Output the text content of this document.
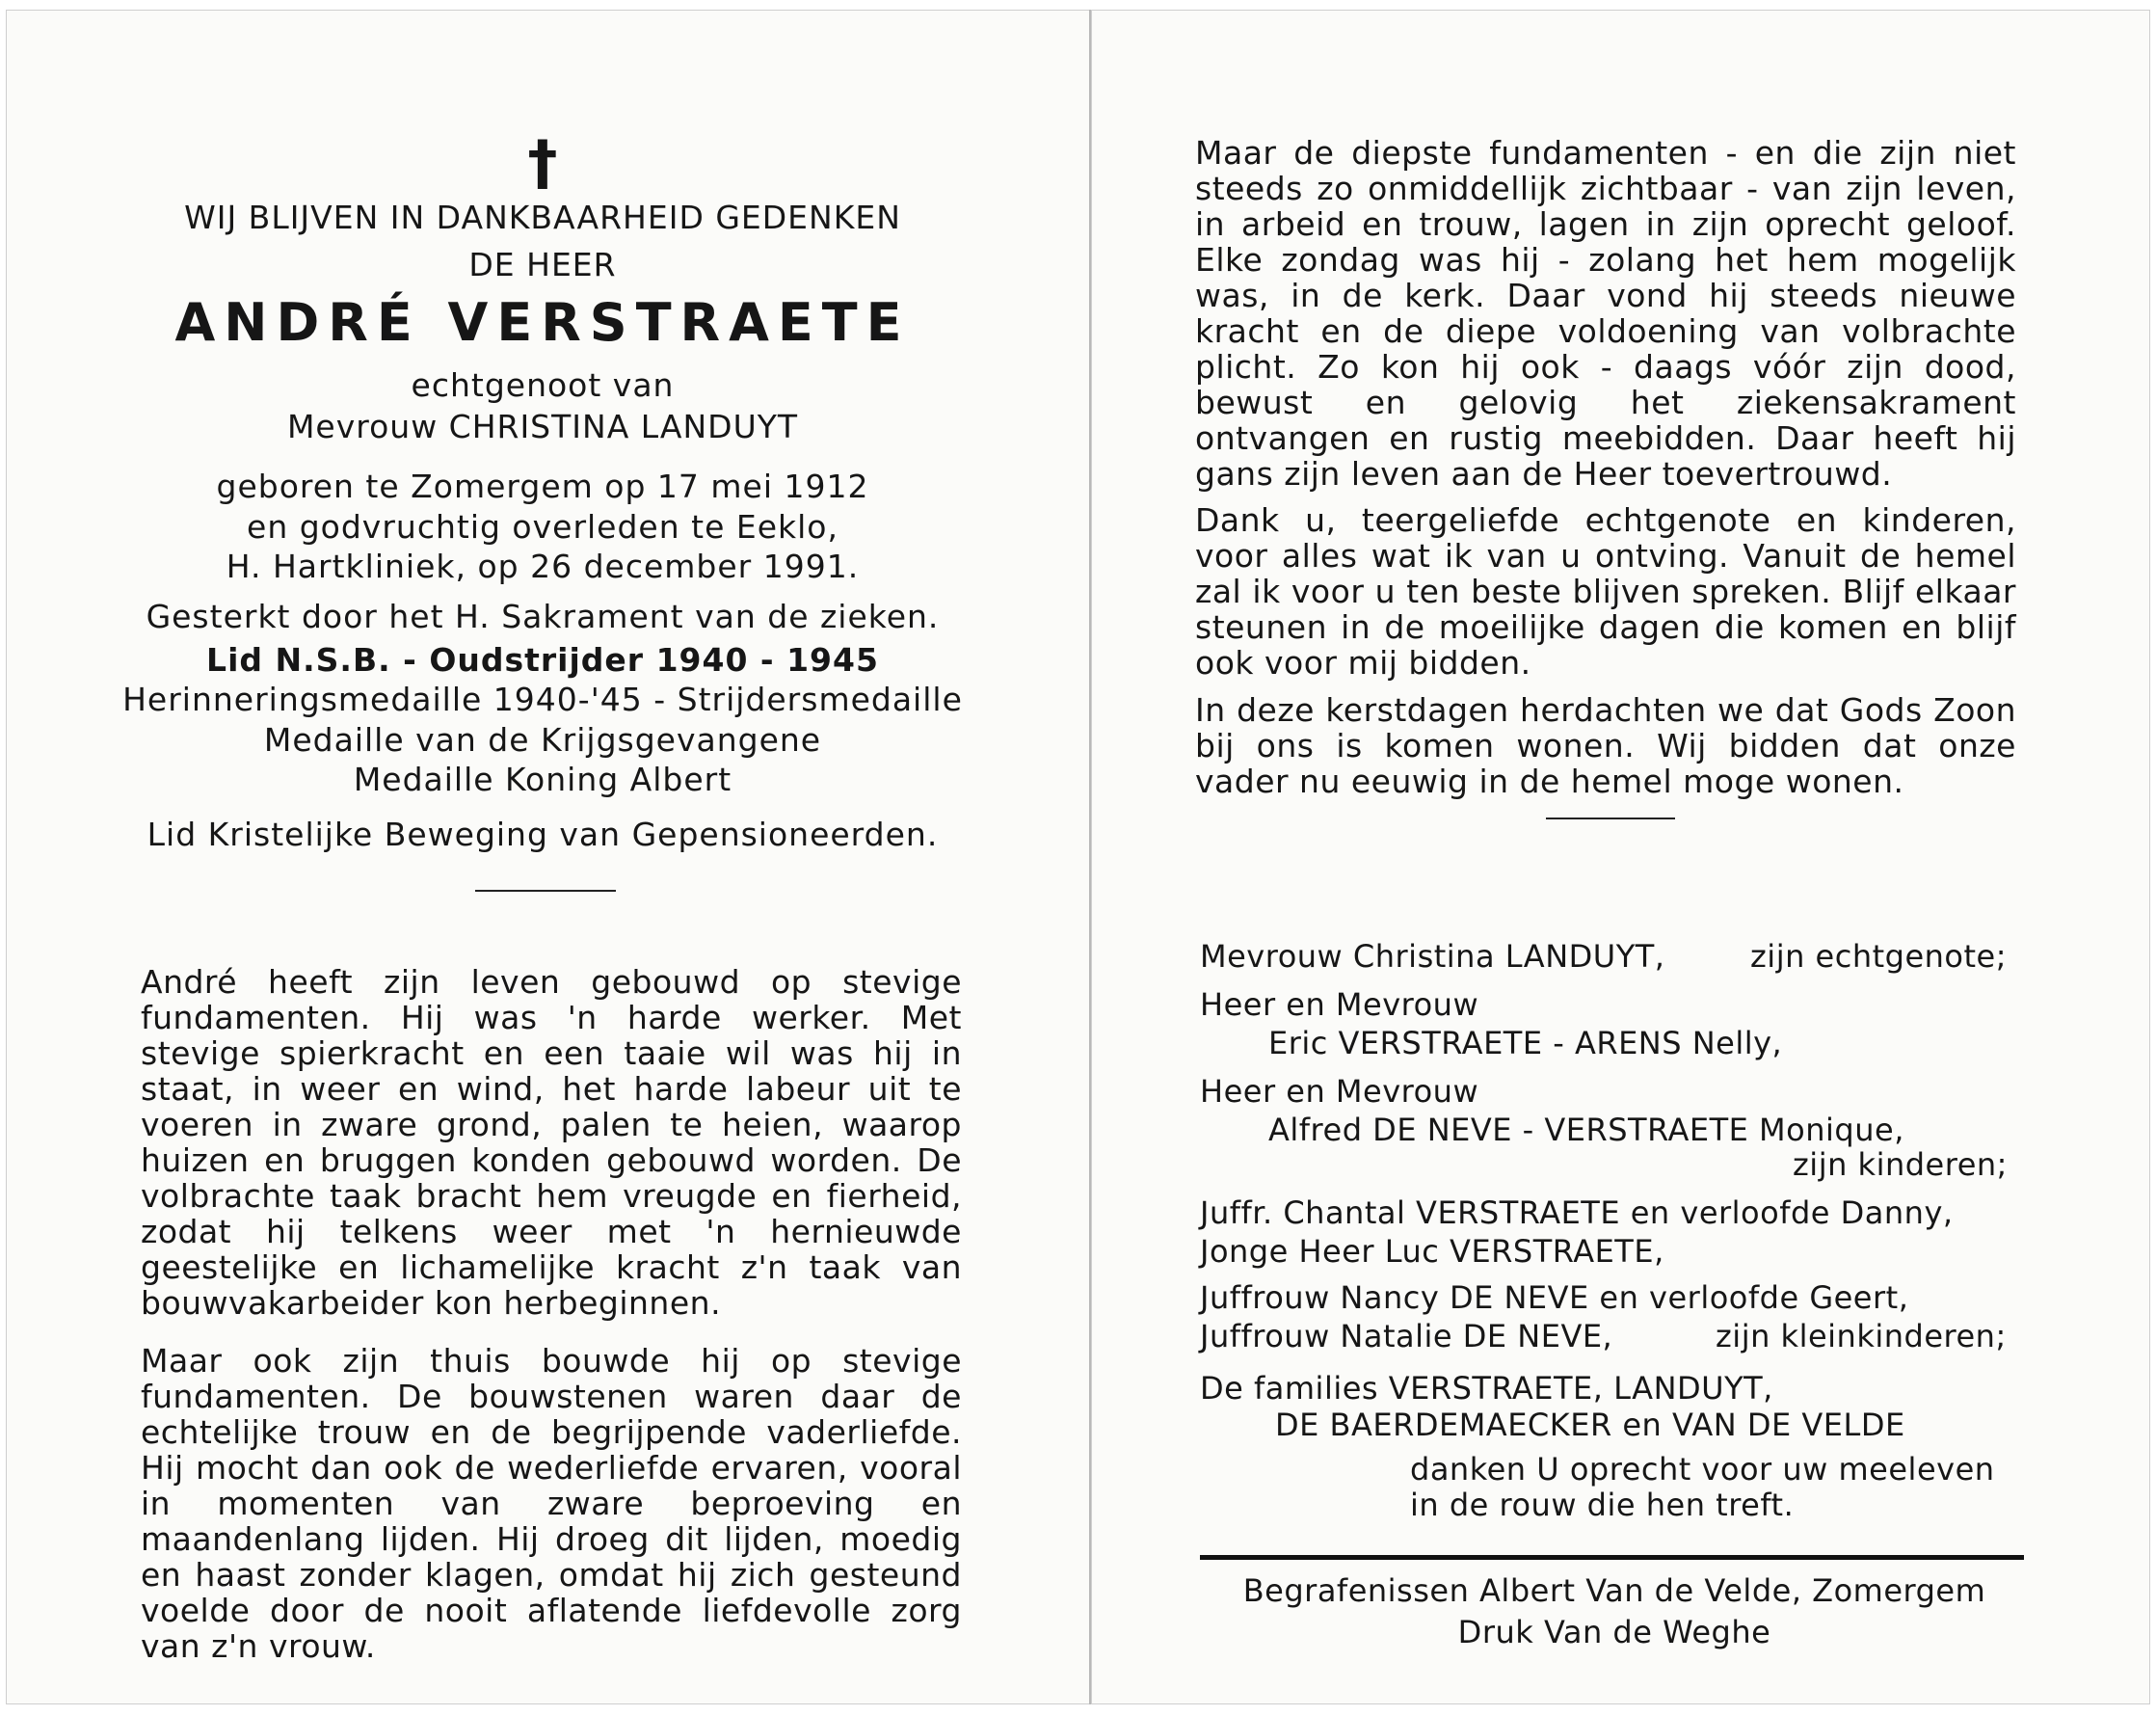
†
WIJ BLIJVEN IN DANKBAARHEID GEDENKEN
DE HEER
ANDRÉ VERSTRAETE
echtgenoot van
Mevrouw CHRISTINA LANDUYT
geboren te Zomergem op 17 mei 1912
en godvruchtig overleden te Eeklo,
H. Hartkliniek, op 26 december 1991.
Gesterkt door het H. Sakrament van de zieken.
Lid N.S.B. - Oudstrijder 1940 - 1945
Herinneringsmedaille 1940-'45 - Strijdersmedaille
Medaille van de Krijgsgevangene
Medaille Koning Albert
Lid Kristelijke Beweging van Gepensioneerden.
André heeft zijn leven gebouwd op stevige fundamenten. Hij was 'n harde werker. Met stevige spierkracht en een taaie wil was hij in staat, in weer en wind, het harde labeur uit te voeren in zware grond, palen te heien, waarop huizen en bruggen konden gebouwd worden. De volbrachte taak bracht hem vreugde en fierheid, zodat hij telkens weer met 'n hernieuwde geestelijke en lichamelijke kracht z'n taak van bouwvakarbeider kon herbeginnen.
Maar ook zijn thuis bouwde hij op stevige fundamenten. De bouwstenen waren daar de echtelijke trouw en de begrijpende vaderliefde. Hij mocht dan ook de wederliefde ervaren, vooral in momenten van zware beproeving en maandenlang lijden. Hij droeg dit lijden, moedig en haast zonder klagen, omdat hij zich gesteund voelde door de nooit aflatende liefdevolle zorg van z'n vrouw.
Maar de diepste fundamenten - en die zijn niet steeds zo onmiddellijk zichtbaar - van zijn leven, in arbeid en trouw, lagen in zijn oprecht geloof. Elke zondag was hij - zolang het hem mogelijk was, in de kerk. Daar vond hij steeds nieuwe kracht en de diepe voldoening van volbrachte plicht. Zo kon hij ook - daags vóór zijn dood, bewust en gelovig het ziekensakrament ontvangen en rustig meebidden. Daar heeft hij gans zijn leven aan de Heer toevertrouwd.
Dank u, teergeliefde echtgenote en kinderen, voor alles wat ik van u ontving. Vanuit de hemel zal ik voor u ten beste blijven spreken. Blijf elkaar steunen in de moeilijke dagen die komen en blijf ook voor mij bidden.
In deze kerstdagen herdachten we dat Gods Zoon bij ons is komen wonen. Wij bidden dat onze vader nu eeuwig in de hemel moge wonen.
Mevrouw Christina LANDUYT,	zijn echtgenote;
Heer en Mevrouw
Eric VERSTRAETE - ARENS Nelly,
Heer en Mevrouw
Alfred DE NEVE - VERSTRAETE Monique,
zijn kinderen;
Juffr. Chantal VERSTRAETE en verloofde Danny,
Jonge Heer Luc VERSTRAETE,
Juffrouw Nancy DE NEVE en verloofde Geert,
Juffrouw Natalie DE NEVE,	zijn kleinkinderen;
De families VERSTRAETE, LANDUYT,
DE BAERDEMAECKER en VAN DE VELDE
danken U oprecht voor uw meeleven
in de rouw die hen treft.
Begrafenissen Albert Van de Velde, Zomergem
Druk Van de Weghe
